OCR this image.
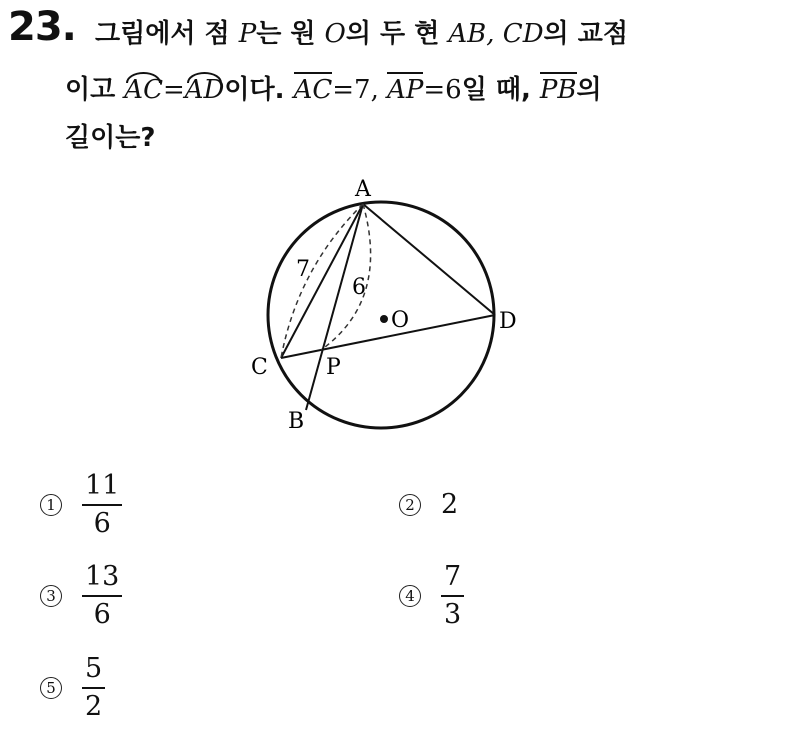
23. 그림에서 점 P는 원 O의 두 현 AB, CD의 교점
이고 AC=AD이다. AC=7, AP=6일 때, PB의
길이는?
A
B
C
D
O
P
7
6
$1 \frac{11}{6}$	2 2
$3 \frac{13}{6}$	$4 \frac{7}{3}$
$5 \frac{5}{2}$
